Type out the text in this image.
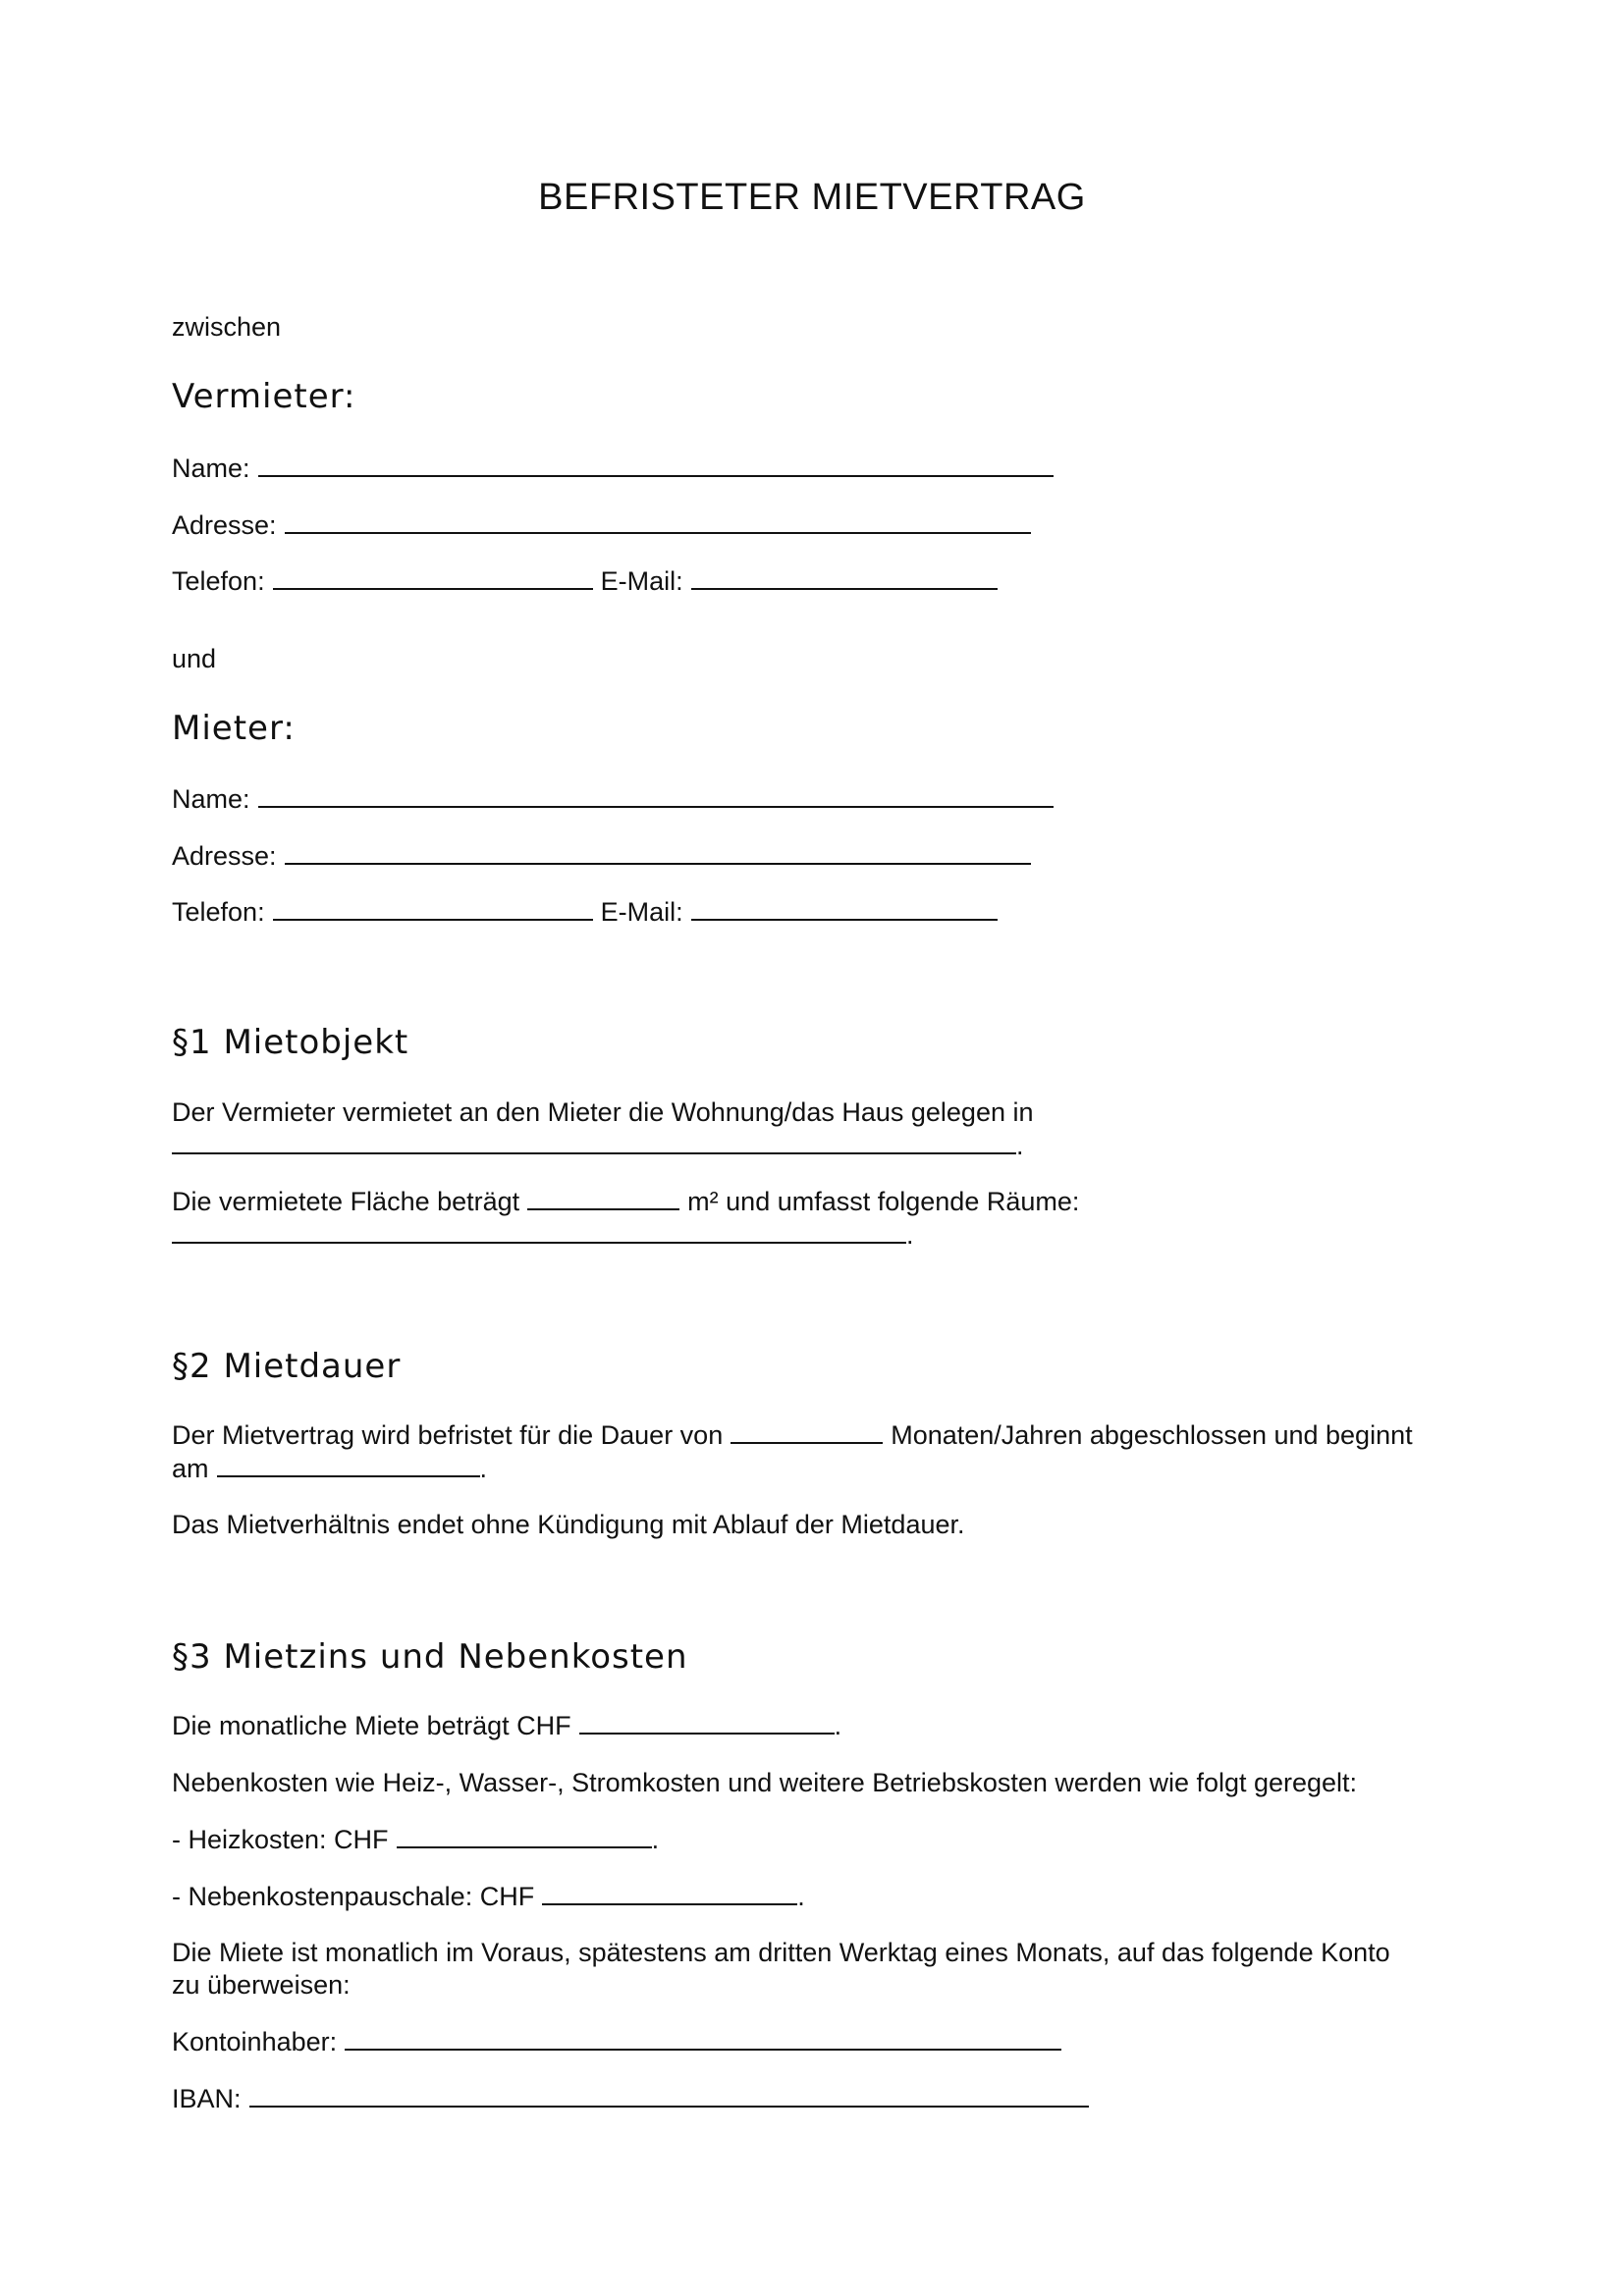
BEFRISTETER MIETVERTRAG
zwischen
Vermieter:
Name:
Adresse:
Telefon:	E-Mail:
und
Mieter:
Name:
Adresse:
Telefon:	E-Mail:
§1 Mietobjekt
Der Vermieter vermietet an den Mieter die Wohnung/das Haus gelegen in
.
Die vermietete Fläche beträgt	m² und umfasst folgende Räume:
.
§2 Mietdauer
Der Mietvertrag wird befristet für die Dauer von	Monaten/Jahren abgeschlossen und beginnt
am	.
Das Mietverhältnis endet ohne Kündigung mit Ablauf der Mietdauer.
§3 Mietzins und Nebenkosten
Die monatliche Miete beträgt CHF	.
Nebenkosten wie Heiz-, Wasser-, Stromkosten und weitere Betriebskosten werden wie folgt geregelt:
- Heizkosten: CHF	.
- Nebenkostenpauschale: CHF	.
Die Miete ist monatlich im Voraus, spätestens am dritten Werktag eines Monats, auf das folgende Konto
zu überweisen:
Kontoinhaber:
IBAN:
